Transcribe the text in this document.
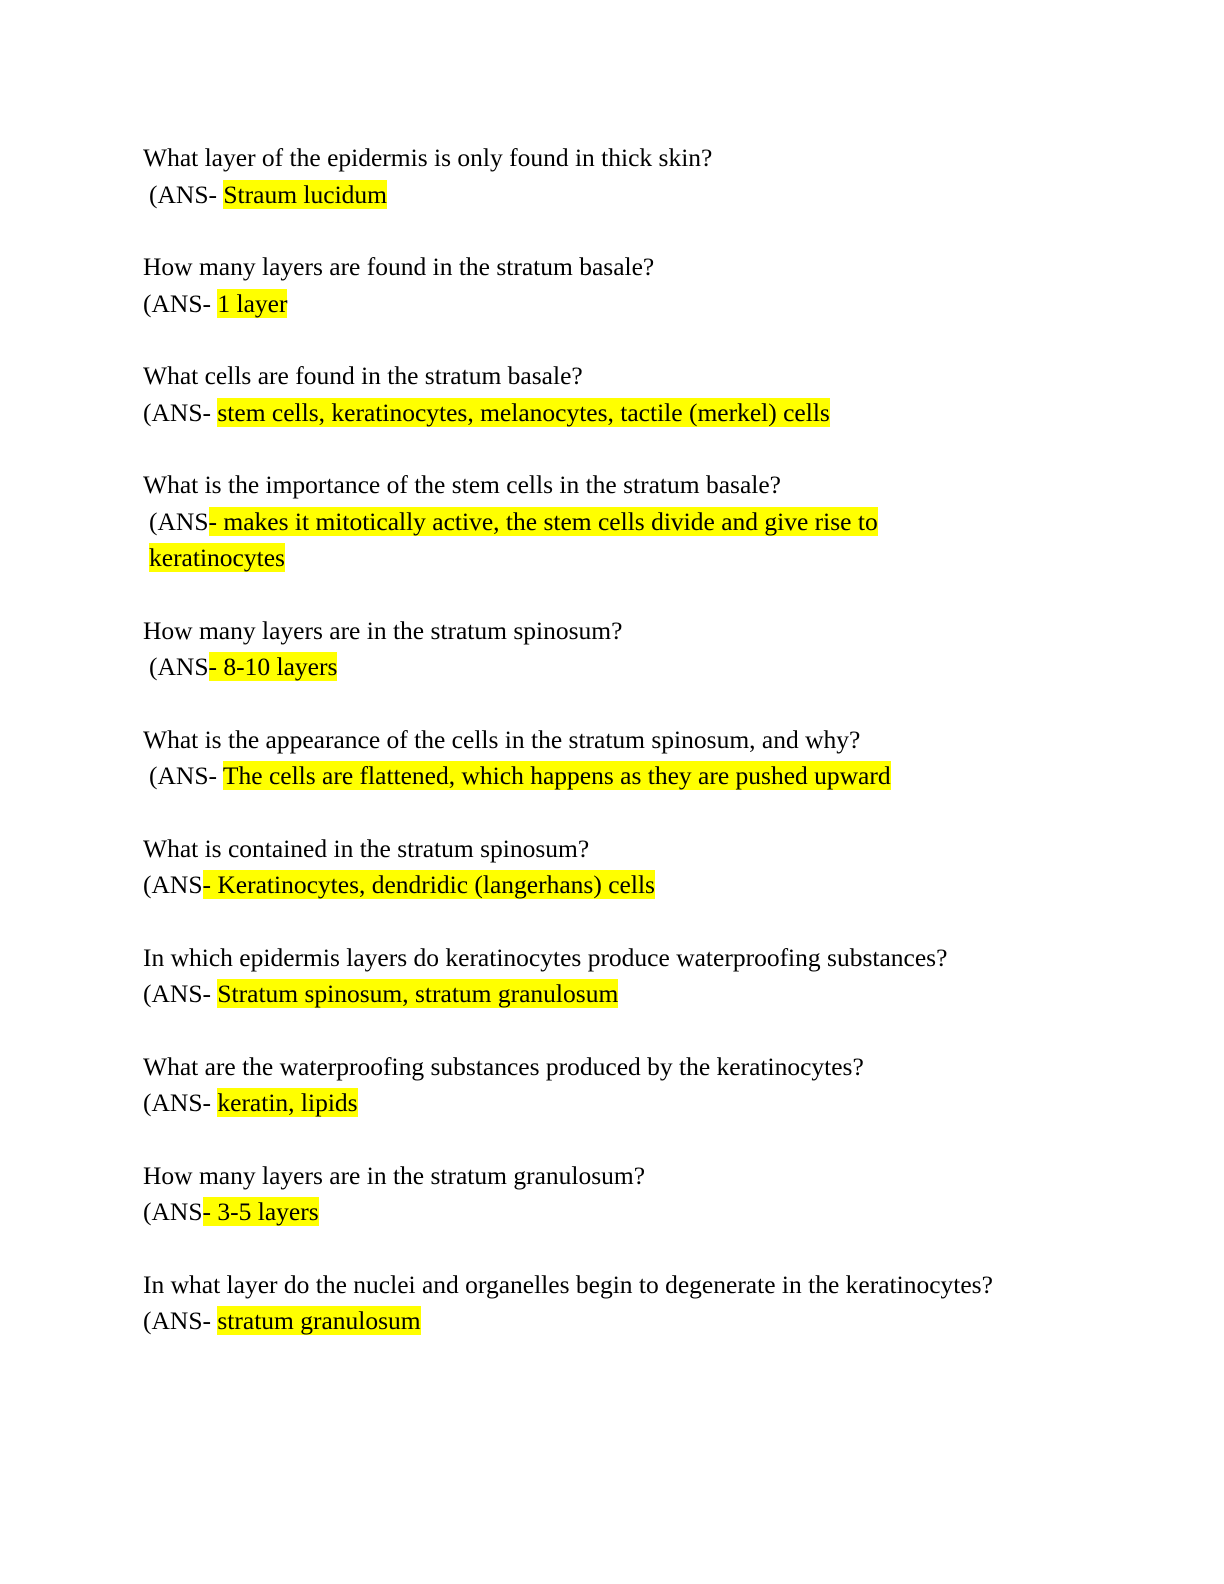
What layer of the epidermis is only found in thick skin?

(ANS- Straum lucidum

How many layers are found in the stratum basale?

(ANS- 1 layer

What cells are found in the stratum basale?

(ANS- stem cells, keratinocytes, melanocytes, tactile (merkel) cells

What is the importance of the stem cells in the stratum basale?

(ANS- makes it mitotically active, the stem cells divide and give rise to keratinocytes

How many layers are in the stratum spinosum?

(ANS- 8-10 layers

What is the appearance of the cells in the stratum spinosum, and why?

(ANS- The cells are flattened, which happens as they are pushed upward

What is contained in the stratum spinosum?

(ANS- Keratinocytes, dendridic (langerhans) cells

In which epidermis layers do keratinocytes produce waterproofing substances?

(ANS- Stratum spinosum, stratum granulosum

What are the waterproofing substances produced by the keratinocytes?

(ANS- keratin, lipids

How many layers are in the stratum granulosum?

(ANS- 3-5 layers

In what layer do the nuclei and organelles begin to degenerate in the keratinocytes?

(ANS- stratum granulosum
